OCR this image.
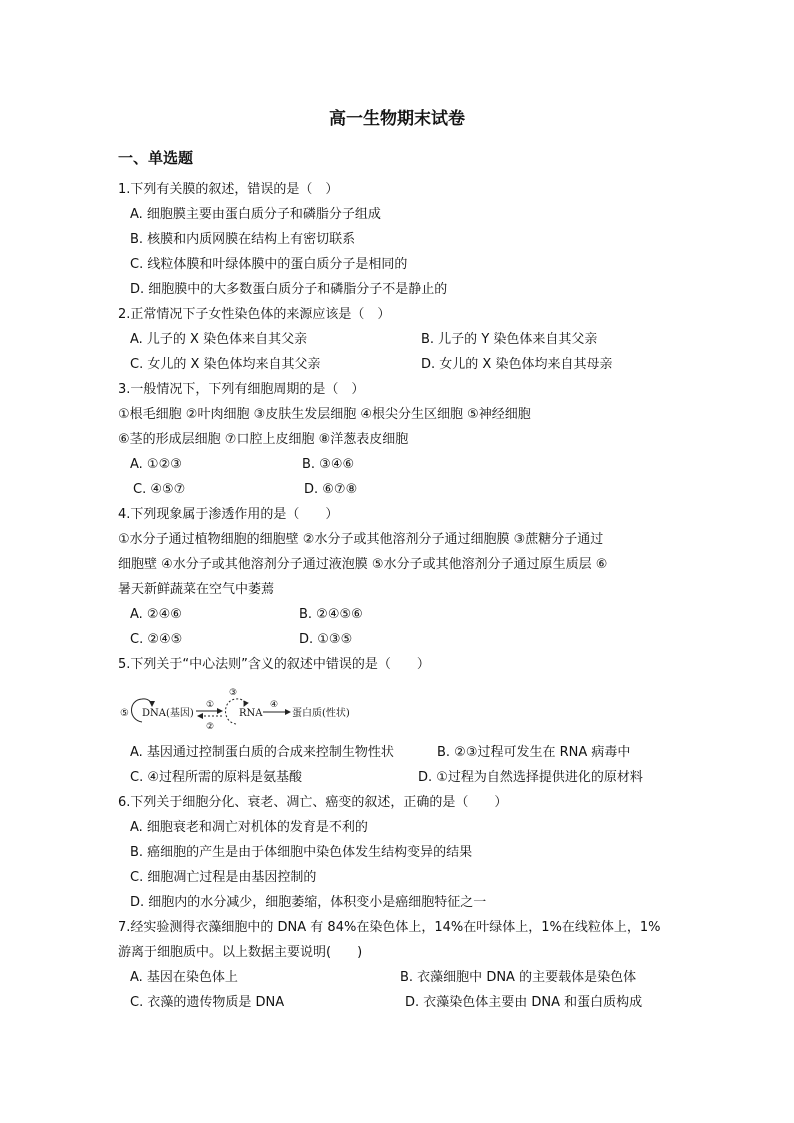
高一生物期末试卷
一、单选题
1.下列有关膜的叙述，错误的是（　）
A. 细胞膜主要由蛋白质分子和磷脂分子组成
B. 核膜和内质网膜在结构上有密切联系
C. 线粒体膜和叶绿体膜中的蛋白质分子是相同的
D. 细胞膜中的大多数蛋白质分子和磷脂分子不是静止的
2.正常情况下子女性染色体的来源应该是（　）
A. 儿子的 X 染色体来自其父亲	B. 儿子的 Y 染色体来自其父亲
C. 女儿的 X 染色体均来自其父亲	D. 女儿的 X 染色体均来自其母亲
3.一般情况下，下列有细胞周期的是（　）
①根毛细胞 ②叶肉细胞 ③皮肤生发层细胞 ④根尖分生区细胞 ⑤神经细胞
⑥茎的形成层细胞 ⑦口腔上皮细胞 ⑧洋葱表皮细胞
A. ①②③	B. ③④⑥
C. ④⑤⑦	D. ⑥⑦⑧
4.下列现象属于渗透作用的是（　　）
①水分子通过植物细胞的细胞壁 ②水分子或其他溶剂分子通过细胞膜 ③蔗糖分子通过
细胞壁 ④水分子或其他溶剂分子通过液泡膜 ⑤水分子或其他溶剂分子通过原生质层 ⑥
暑天新鲜蔬菜在空气中萎蔫
A. ②④⑥	B. ②④⑤⑥
C. ②④⑤	D. ①③⑤
5.下列关于“中心法则”含义的叙述中错误的是（　　）
⑤ DNA(基因)
①
②
③
RNA
④
蛋白质(性状)
A. 基因通过控制蛋白质的合成来控制生物性状	B. ②③过程可发生在 RNA 病毒中
C. ④过程所需的原料是氨基酸	D. ①过程为自然选择提供进化的原材料
6.下列关于细胞分化、衰老、凋亡、癌变的叙述，正确的是（　　）
A. 细胞衰老和凋亡对机体的发育是不利的
B. 癌细胞的产生是由于体细胞中染色体发生结构变异的结果
C. 细胞凋亡过程是由基因控制的
D. 细胞内的水分减少，细胞萎缩，体积变小是癌细胞特征之一
7.经实验测得衣藻细胞中的 DNA 有 84%在染色体上，14%在叶绿体上，1%在线粒体上，1%
游离于细胞质中。以上数据主要说明(　　)
A. 基因在染色体上	B. 衣藻细胞中 DNA 的主要载体是染色体
C. 衣藻的遗传物质是 DNA	D. 衣藻染色体主要由 DNA 和蛋白质构成
